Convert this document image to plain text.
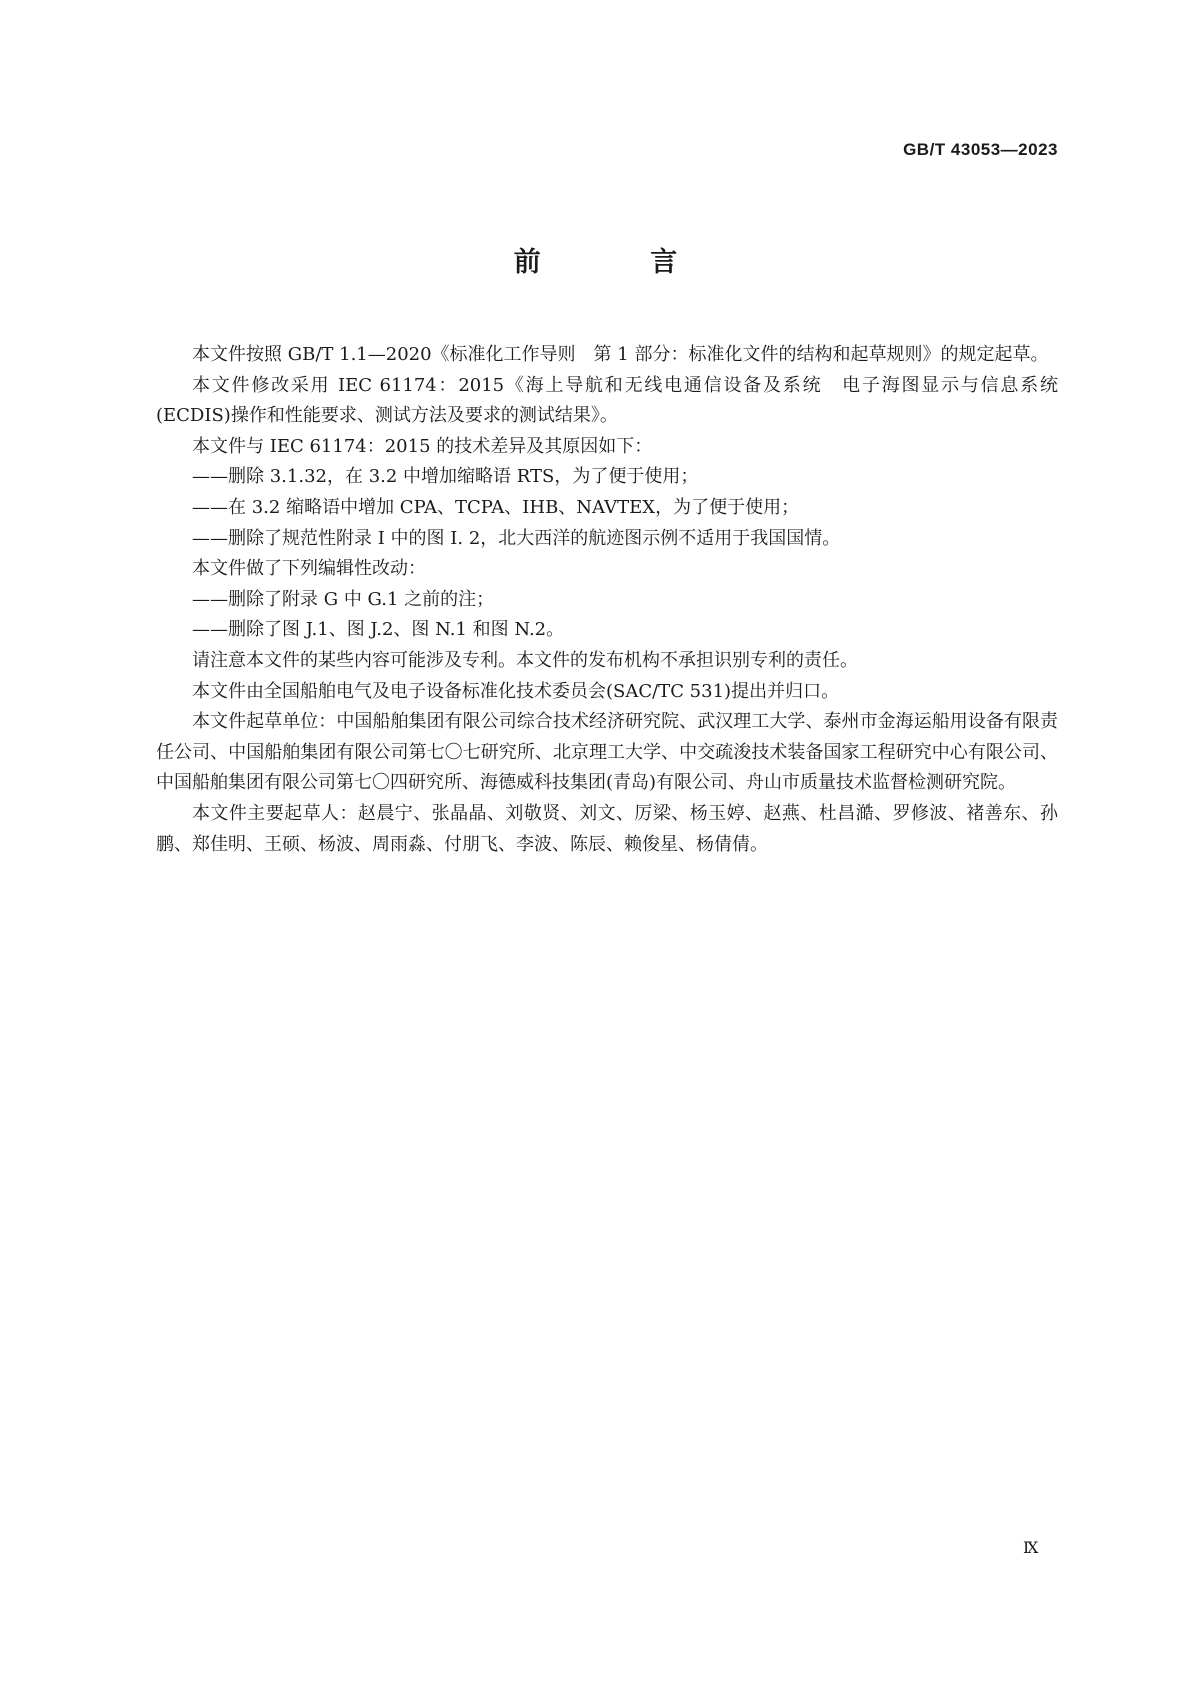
GB/T 43053—2023
前 言

本文件按照 GB/T 1.1—2020《标准化工作导则　第 1 部分：标准化文件的结构和起草规则》的规定起草。

本文件修改采用 IEC 61174：2015《海上导航和无线电通信设备及系统　电子海图显示与信息系统(ECDIS)操作和性能要求、测试方法及要求的测试结果》。

本文件与 IEC 61174：2015 的技术差异及其原因如下：

——删除 3.1.32，在 3.2 中增加缩略语 RTS，为了便于使用；

——在 3.2 缩略语中增加 CPA、TCPA、IHB、NAVTEX，为了便于使用；

——删除了规范性附录 I 中的图 I. 2，北大西洋的航迹图示例不适用于我国国情。

本文件做了下列编辑性改动：

——删除了附录 G 中 G.1 之前的注；

——删除了图 J.1、图 J.2、图 N.1 和图 N.2。

请注意本文件的某些内容可能涉及专利。本文件的发布机构不承担识别专利的责任。

本文件由全国船舶电气及电子设备标准化技术委员会(SAC/TC 531)提出并归口。

本文件起草单位：中国船舶集团有限公司综合技术经济研究院、武汉理工大学、泰州市金海运船用设备有限责任公司、中国船舶集团有限公司第七〇七研究所、北京理工大学、中交疏浚技术装备国家工程研究中心有限公司、中国船舶集团有限公司第七〇四研究所、海德威科技集团(青岛)有限公司、舟山市质量技术监督检测研究院。

本文件主要起草人：赵晨宁、张晶晶、刘敬贤、刘文、厉梁、杨玉婷、赵燕、杜昌澔、罗修波、褚善东、孙鹏、郑佳明、王硕、杨波、周雨淼、付朋飞、李波、陈辰、赖俊星、杨倩倩。

Ⅸ
